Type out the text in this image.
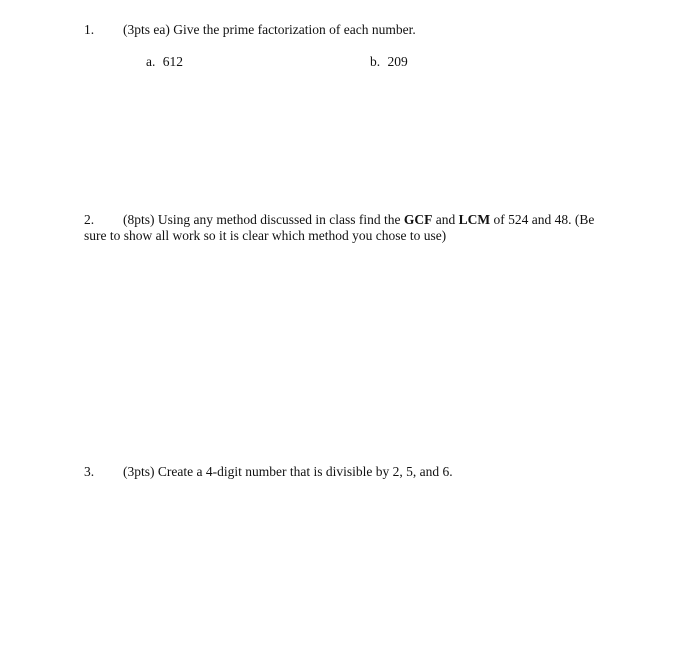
1. (3pts ea) Give the prime factorization of each number.
a. 612	b. 209
2. (8pts) Using any method discussed in class find the GCF and LCM of 524 and 48. (Be
sure to show all work so it is clear which method you chose to use)
3. (3pts) Create a 4-digit number that is divisible by 2, 5, and 6.
